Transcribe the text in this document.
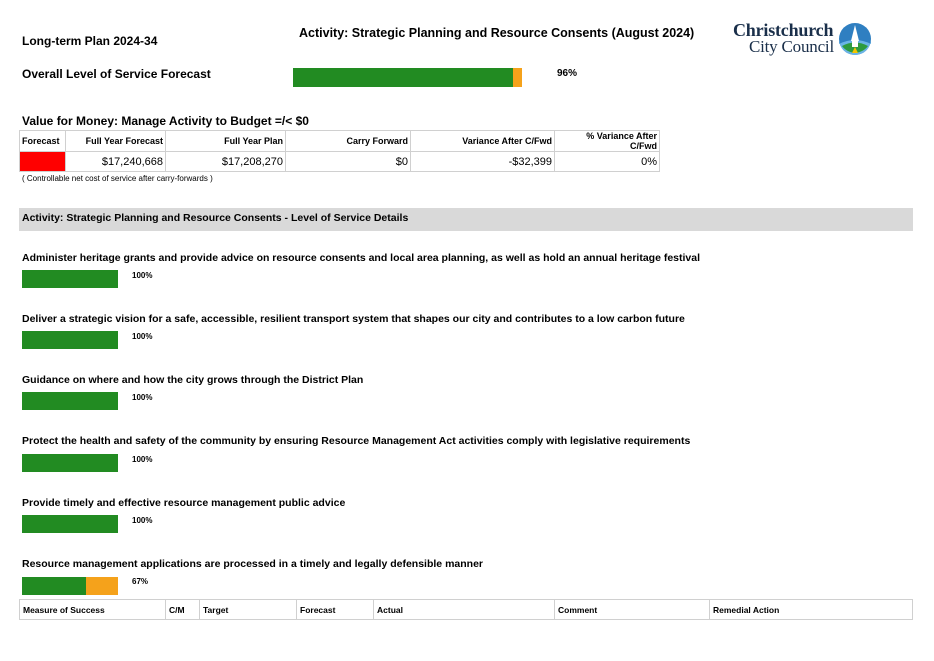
Long-term Plan 2024-34
Activity: Strategic Planning and Resource Consents (August 2024) Christchurch
City Council
Overall Level of Service Forecast	96%
Value for Money: Manage Activity to Budget =/< $0
Forecast	Full Year Forecast	Full Year Plan	Carry Forward	Variance After C/Fwd	% Variance After C/Fwd
	$17,240,668	$17,208,270	$0	-$32,399	0%
( Controllable net cost of service after carry-forwards )
Activity: Strategic Planning and Resource Consents - Level of Service Details
Administer heritage grants and provide advice on resource consents and local area planning, as well as hold an annual heritage festival
100%
Deliver a strategic vision for a safe, accessible, resilient transport system that shapes our city and contributes to a low carbon future
100%
Guidance on where and how the city grows through the District Plan
100%
Protect the health and safety of the community by ensuring Resource Management Act activities comply with legislative requirements
100%
Provide timely and effective resource management public advice
100%
Resource management applications are processed in a timely and legally defensible manner
67%
Measure of Success	C/M	Target	Forecast	Actual	Comment	Remedial Action
